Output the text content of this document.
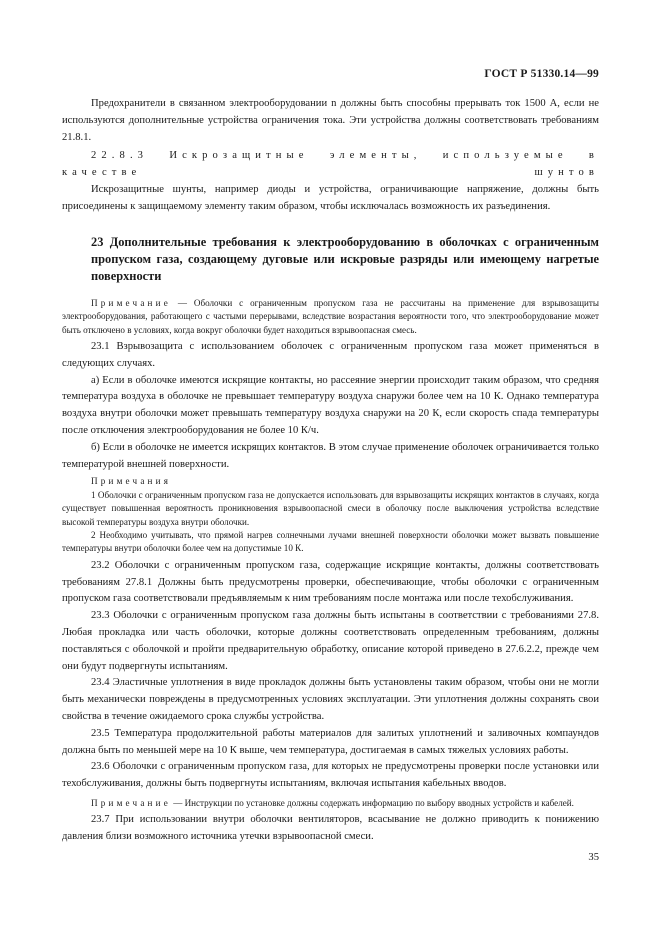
ГОСТ Р 51330.14—99

Предохранители в связанном электрооборудовании n должны быть способны прерывать ток 1500 А, если не используются дополнительные устройства ограничения тока. Эти устройства должны соответствовать требованиям 21.8.1.

22.8.3 Искрозащитные элементы, используемые в качестве шунтов

Искрозащитные шунты, например диоды и устройства, ограничивающие напряжение, должны быть присоединены к защищаемому элементу таким образом, чтобы исключалась возможность их разъединения.

23 Дополнительные требования к электрооборудованию в оболочках с ограниченным пропуском газа, создающему дуговые или искровые разряды или имеющему нагретые поверхности

Примечание — Оболочки с ограниченным пропуском газа не рассчитаны на применение для взрывозащиты электрооборудования, работающего с частыми перерывами, вследствие возрастания вероятности того, что электрооборудование может быть отключено в условиях, когда вокруг оболочки будет находиться взрывоопасная смесь.

23.1 Взрывозащита с использованием оболочек с ограниченным пропуском газа может применяться в следующих случаях.

а) Если в оболочке имеются искрящие контакты, но рассеяние энергии происходит таким образом, что средняя температура воздуха в оболочке не превышает температуру воздуха снаружи более чем на 10 К. Однако температура воздуха внутри оболочки может превышать температуру воздуха снаружи на 20 К, если скорость спада температуры после отключения электрооборудования не более 10 К/ч.

б) Если в оболочке не имеется искрящих контактов. В этом случае применение оболочек ограничивается только температурой внешней поверхности.

Примечания

1 Оболочки с ограниченным пропуском газа не допускается использовать для взрывозащиты искрящих контактов в случаях, когда существует повышенная вероятность проникновения взрывоопасной смеси в оболочку после выключения устройства вследствие высокой температуры воздуха внутри оболочки.

2 Необходимо учитывать, что прямой нагрев солнечными лучами внешней поверхности оболочки может вызвать повышение температуры внутри оболочки более чем на допустимые 10 К.

23.2 Оболочки с ограниченным пропуском газа, содержащие искрящие контакты, должны соответствовать требованиям 27.8.1 Должны быть предусмотрены проверки, обеспечивающие, чтобы оболочки с ограниченным пропуском газа соответствовали предъявляемым к ним требованиям после монтажа или после техобслуживания.

23.3 Оболочки с ограниченным пропуском газа должны быть испытаны в соответствии с требованиями 27.8. Любая прокладка или часть оболочки, которые должны соответствовать определенным требованиям, должны поставляться с оболочкой и пройти предварительную обработку, описание которой приведено в 27.6.2.2, прежде чем они будут подвергнуты испытаниям.

23.4 Эластичные уплотнения в виде прокладок должны быть установлены таким образом, чтобы они не могли быть механически повреждены в предусмотренных условиях эксплуатации. Эти уплотнения должны сохранять свои свойства в течение ожидаемого срока службы устройства.

23.5 Температура продолжительной работы материалов для залитых уплотнений и заливочных компаундов должна быть по меньшей мере на 10 К выше, чем температура, достигаемая в самых тяжелых условиях работы.

23.6 Оболочки с ограниченным пропуском газа, для которых не предусмотрены проверки после установки или техобслуживания, должны быть подвергнуты испытаниям, включая испытания кабельных вводов.

Примечание — Инструкции по установке должны содержать информацию по выбору вводных устройств и кабелей.

23.7 При использовании внутри оболочки вентиляторов, всасывание не должно приводить к понижению давления близи возможного источника утечки взрывоопасной смеси.

35
